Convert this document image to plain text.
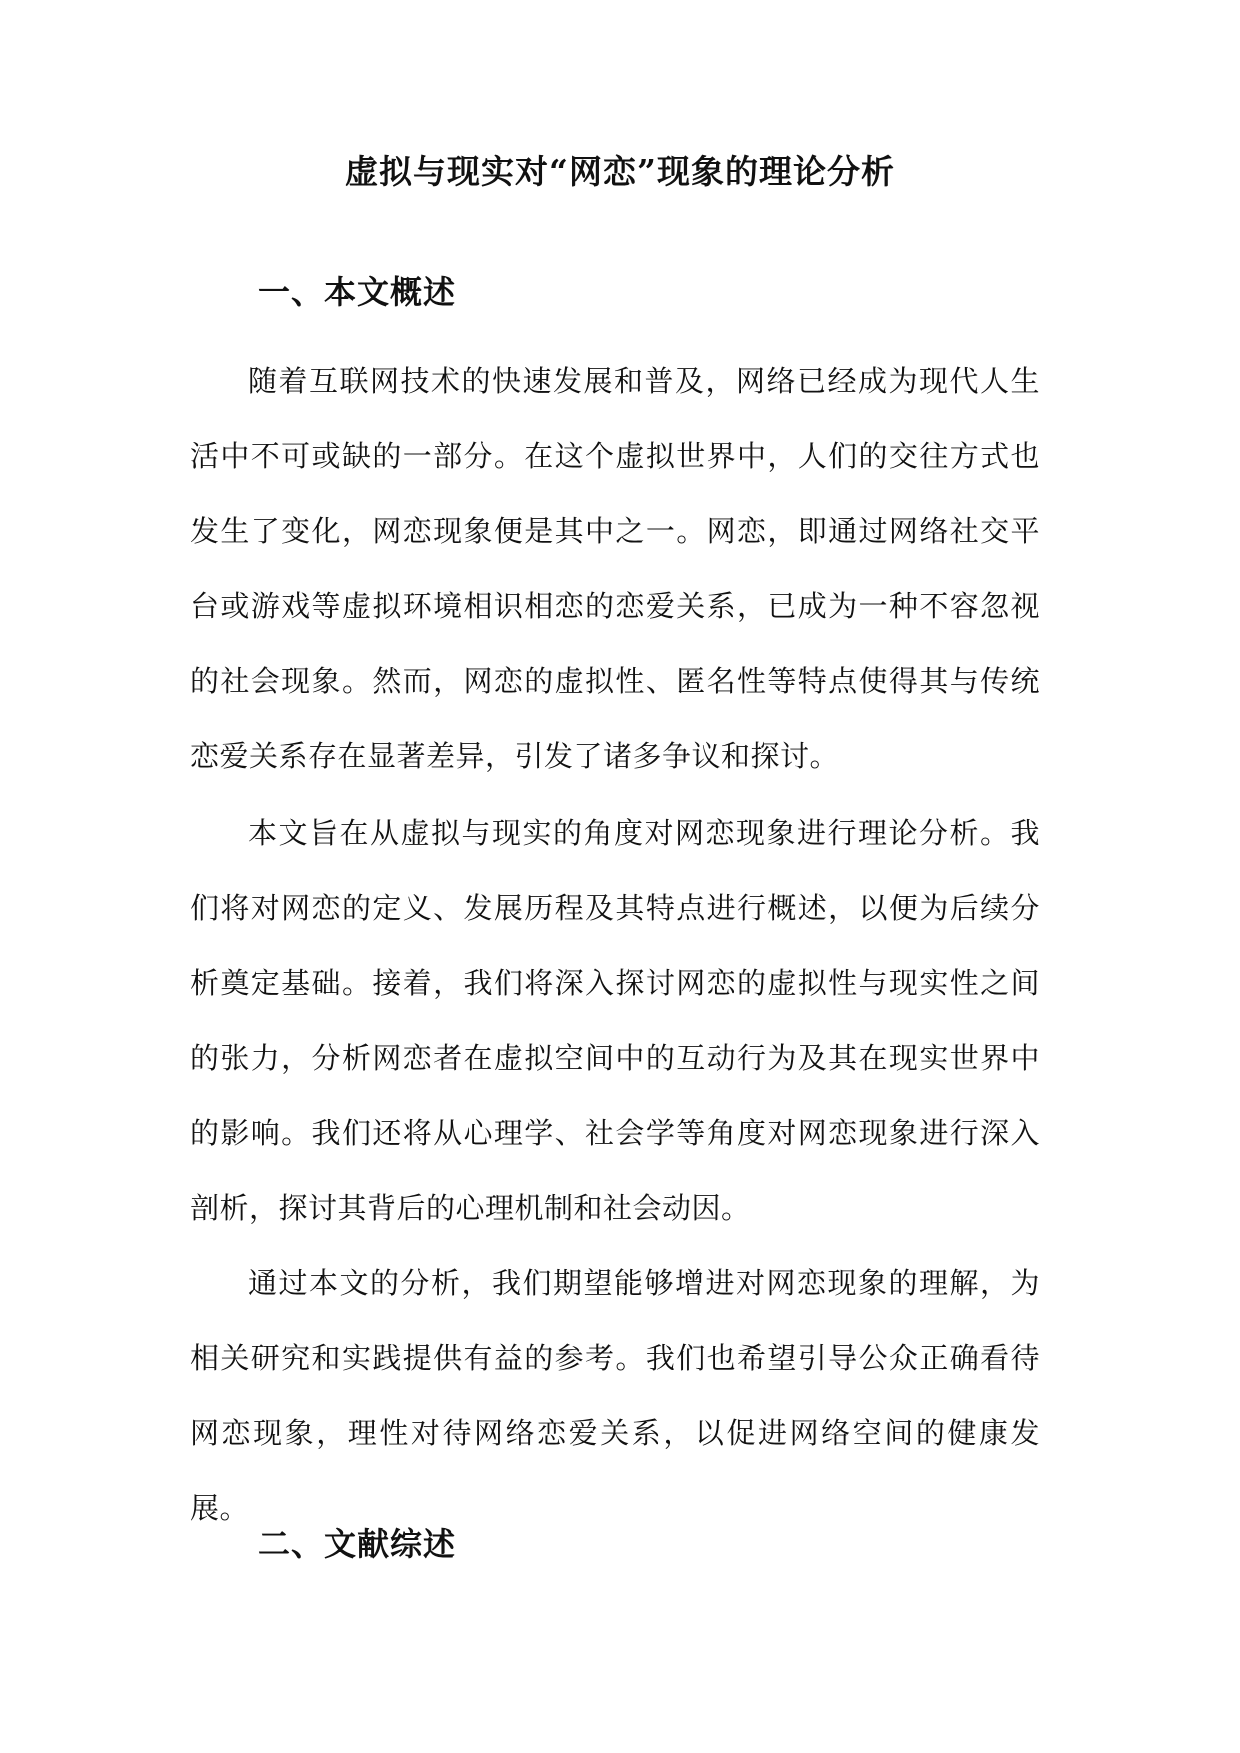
虚拟与现实对“网恋”现象的理论分析
一、本文概述

随着互联网技术的快速发展和普及，网络已经成为现代人生活中不可或缺的一部分。在这个虚拟世界中，人们的交往方式也发生了变化，网恋现象便是其中之一。网恋，即通过网络社交平台或游戏等虚拟环境相识相恋的恋爱关系，已成为一种不容忽视的社会现象。然而，网恋的虚拟性、匿名性等特点使得其与传统恋爱关系存在显著差异，引发了诸多争议和探讨。

本文旨在从虚拟与现实的角度对网恋现象进行理论分析。我们将对网恋的定义、发展历程及其特点进行概述，以便为后续分析奠定基础。接着，我们将深入探讨网恋的虚拟性与现实性之间的张力，分析网恋者在虚拟空间中的互动行为及其在现实世界中的影响。我们还将从心理学、社会学等角度对网恋现象进行深入剖析，探讨其背后的心理机制和社会动因。

通过本文的分析，我们期望能够增进对网恋现象的理解，为相关研究和实践提供有益的参考。我们也希望引导公众正确看待网恋现象，理性对待网络恋爱关系，以促进网络空间的健康发展。

二、文献综述
